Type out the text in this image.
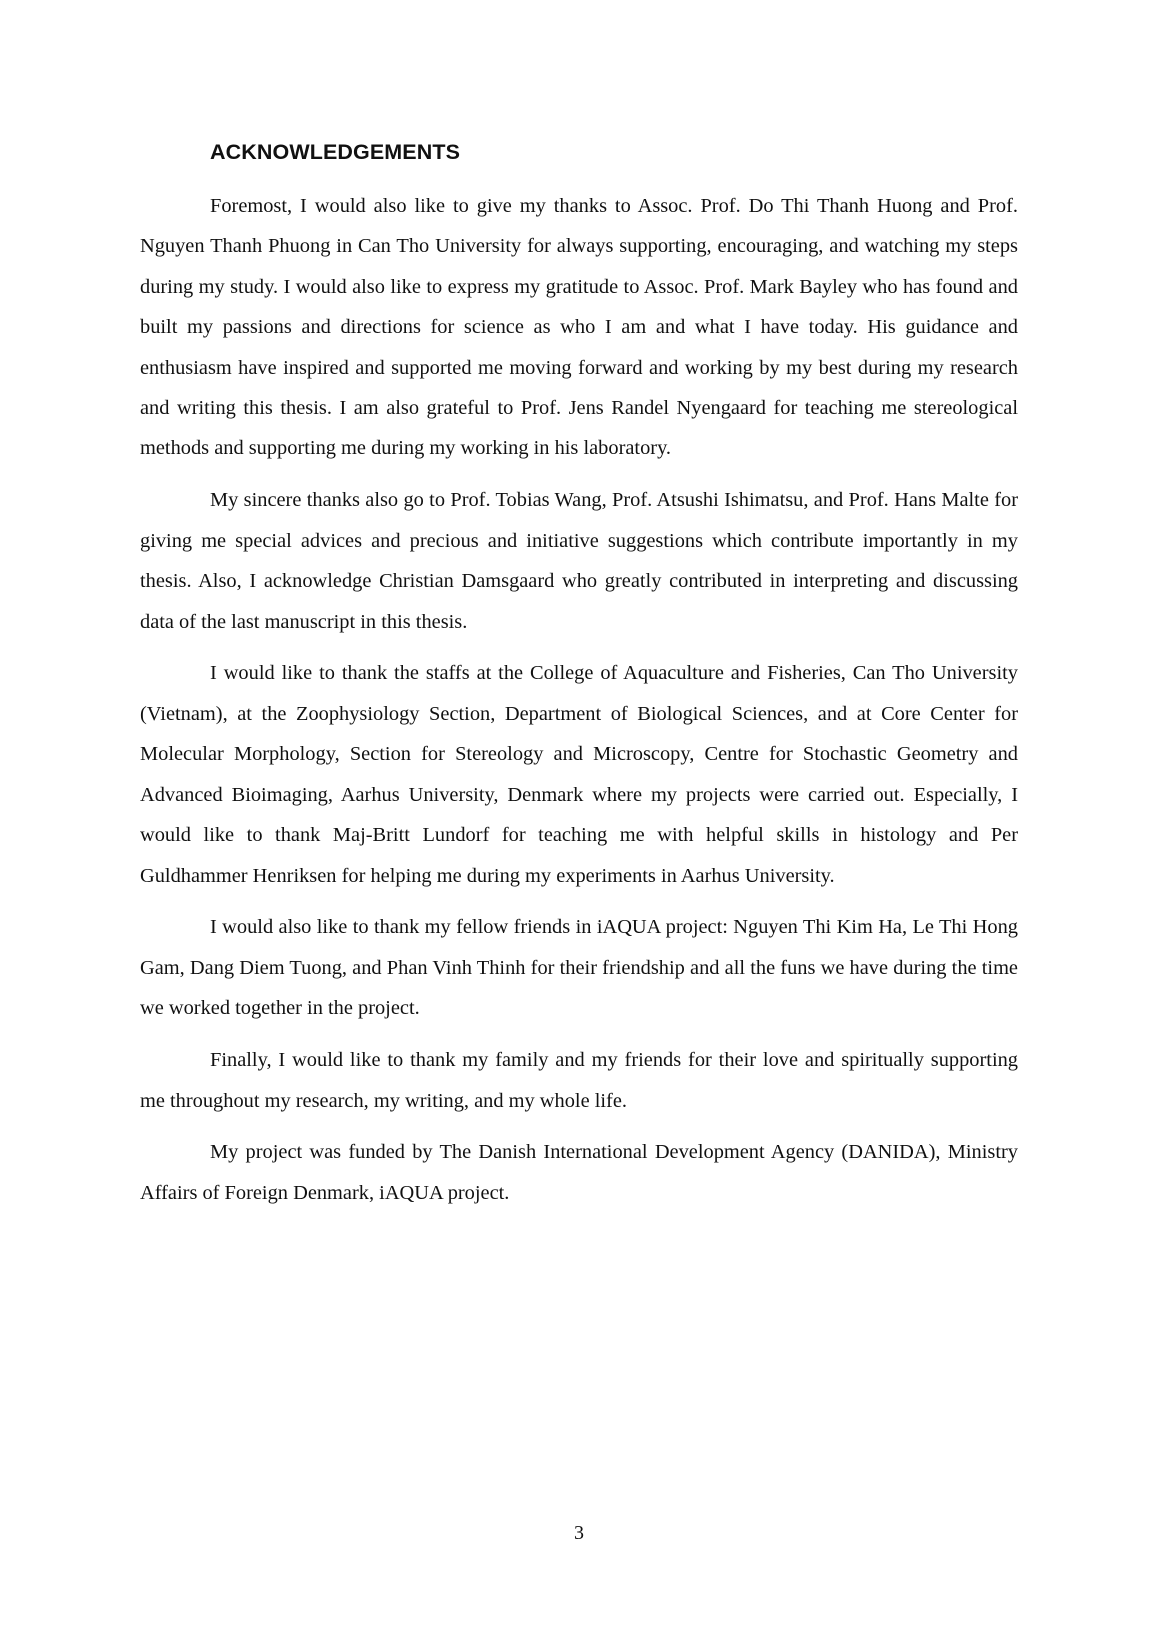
ACKNOWLEDGEMENTS

Foremost, I would also like to give my thanks to Assoc. Prof. Do Thi Thanh Huong and Prof. Nguyen Thanh Phuong in Can Tho University for always supporting, encouraging, and watching my steps during my study. I would also like to express my gratitude to Assoc. Prof. Mark Bayley who has found and built my passions and directions for science as who I am and what I have today. His guidance and enthusiasm have inspired and supported me moving forward and working by my best during my research and writing this thesis. I am also grateful to Prof. Jens Randel Nyengaard for teaching me stereological methods and supporting me during my working in his laboratory.

My sincere thanks also go to Prof. Tobias Wang, Prof. Atsushi Ishimatsu, and Prof. Hans Malte for giving me special advices and precious and initiative suggestions which contribute importantly in my thesis. Also, I acknowledge Christian Damsgaard who greatly contributed in interpreting and discussing data of the last manuscript in this thesis.

I would like to thank the staffs at the College of Aquaculture and Fisheries, Can Tho University (Vietnam), at the Zoophysiology Section, Department of Biological Sciences, and at Core Center for Molecular Morphology, Section for Stereology and Microscopy, Centre for Stochastic Geometry and Advanced Bioimaging, Aarhus University, Denmark where my projects were carried out. Especially, I would like to thank Maj-Britt Lundorf for teaching me with helpful skills in histology and Per Guldhammer Henriksen for helping me during my experiments in Aarhus University.

I would also like to thank my fellow friends in iAQUA project: Nguyen Thi Kim Ha, Le Thi Hong Gam, Dang Diem Tuong, and Phan Vinh Thinh for their friendship and all the funs we have during the time we worked together in the project.

Finally, I would like to thank my family and my friends for their love and spiritually supporting me throughout my research, my writing, and my whole life.

My project was funded by The Danish International Development Agency (DANIDA), Ministry Affairs of Foreign Denmark, iAQUA project.

3
